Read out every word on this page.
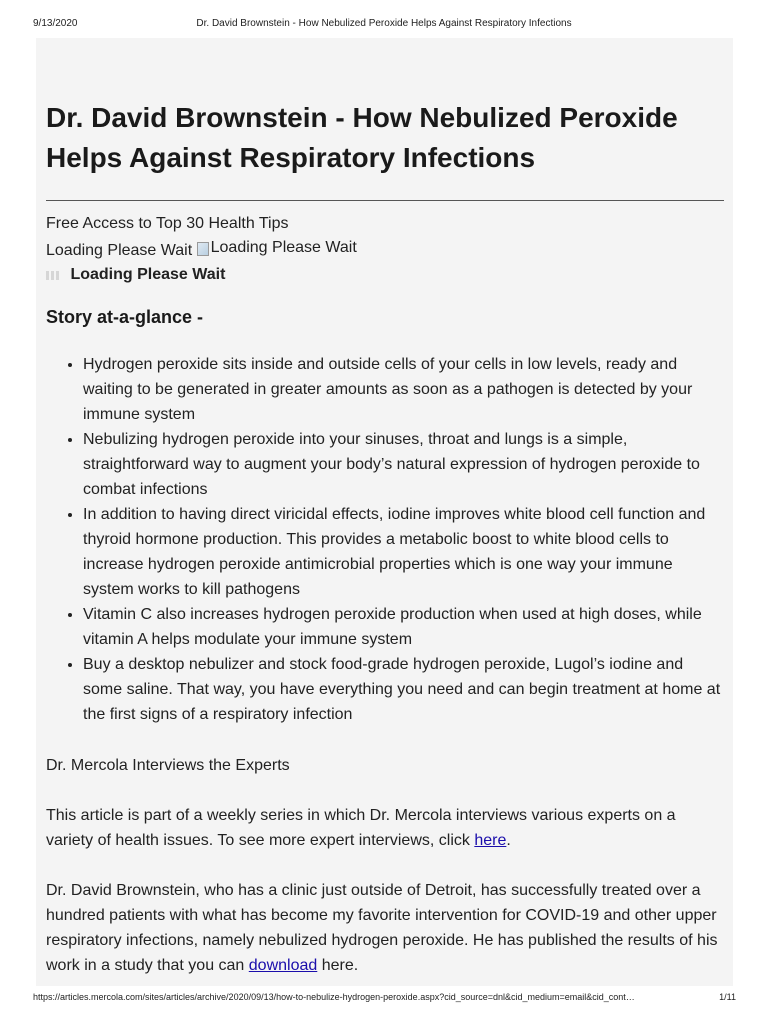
9/13/2020	Dr. David Brownstein - How Nebulized Peroxide Helps Against Respiratory Infections
Dr. David Brownstein - How Nebulized Peroxide Helps Against Respiratory Infections
Free Access to Top 30 Health Tips
Loading Please Wait Loading Please Wait
Loading Please Wait
Story at-a-glance -
• Hydrogen peroxide sits inside and outside cells of your cells in low levels, ready and waiting to be generated in greater amounts as soon as a pathogen is detected by your immune system
• Nebulizing hydrogen peroxide into your sinuses, throat and lungs is a simple, straightforward way to augment your body’s natural expression of hydrogen peroxide to combat infections
• In addition to having direct viricidal effects, iodine improves white blood cell function and thyroid hormone production. This provides a metabolic boost to white blood cells to increase hydrogen peroxide antimicrobial properties which is one way your immune system works to kill pathogens
• Vitamin C also increases hydrogen peroxide production when used at high doses, while vitamin A helps modulate your immune system
• Buy a desktop nebulizer and stock food-grade hydrogen peroxide, Lugol’s iodine and some saline. That way, you have everything you need and can begin treatment at home at the first signs of a respiratory infection

Dr. Mercola Interviews the Experts

This article is part of a weekly series in which Dr. Mercola interviews various experts on a variety of health issues. To see more expert interviews, click here.

Dr. David Brownstein, who has a clinic just outside of Detroit, has successfully treated over a hundred patients with what has become my favorite intervention for COVID-19 and other upper respiratory infections, namely nebulized hydrogen peroxide. He has published the results of his work in a study that you can download here.

https://articles.mercola.com/sites/articles/archive/2020/09/13/how-to-nebulize-hydrogen-peroxide.aspx?cid_source=dnl&cid_medium=email&cid_cont…	1/11
